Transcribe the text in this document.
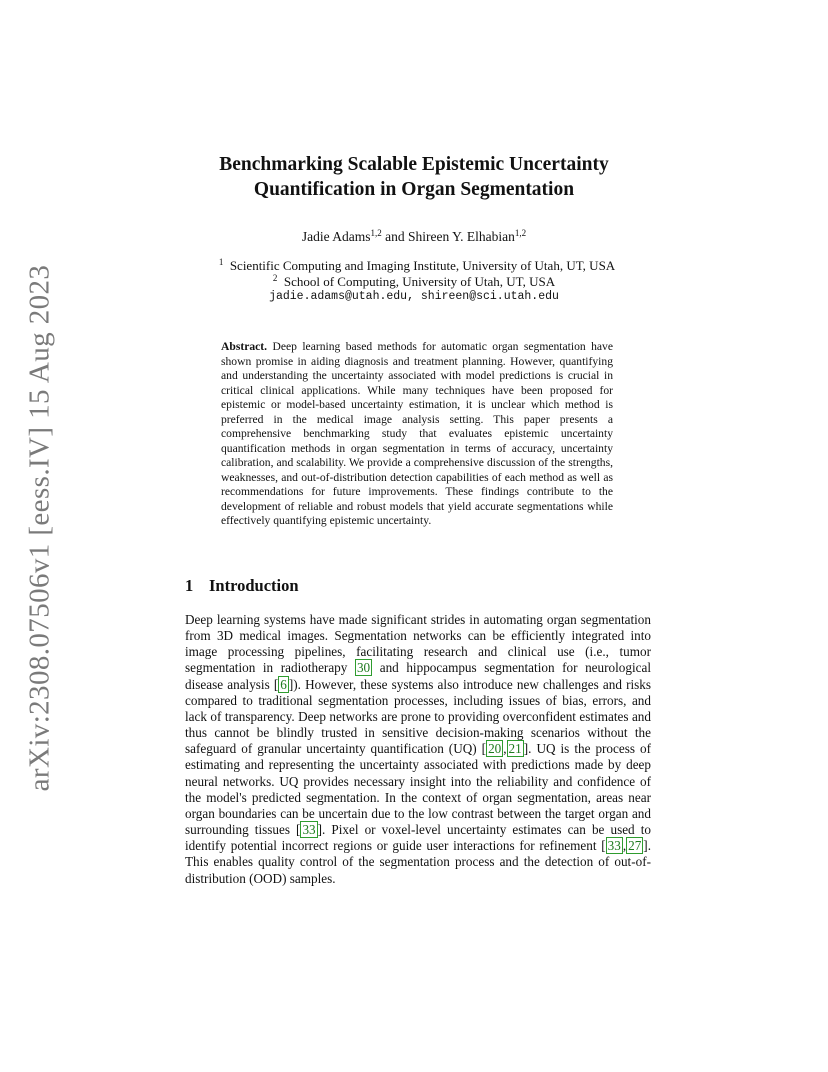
arXiv:2308.07506v1 [eess.IV] 15 Aug 2023
Benchmarking Scalable Epistemic Uncertainty
Quantification in Organ Segmentation
Jadie Adams$^{1,2}$ and Shireen Y. Elhabian$^{1,2}$
$^1$ Scientific Computing and Imaging Institute, University of Utah, UT, USA
$^2$ School of Computing, University of Utah, UT, USA
jadie.adams@utah.edu, shireen@sci.utah.edu
Abstract. Deep learning based methods for automatic organ segmentation have shown promise in aiding diagnosis and treatment planning. However, quantifying and understanding the uncertainty associated with model predictions is crucial in critical clinical applications. While many techniques have been proposed for epistemic or model-based uncertainty estimation, it is unclear which method is preferred in the medical image analysis setting. This paper presents a comprehensive benchmarking study that evaluates epistemic uncertainty quantification methods in organ segmentation in terms of accuracy, uncertainty calibration, and scalability. We provide a comprehensive discussion of the strengths, weaknesses, and out-of-distribution detection capabilities of each method as well as recommendations for future improvements. These findings contribute to the development of reliable and robust models that yield accurate segmentations while effectively quantifying epistemic uncertainty.
1 Introduction
Deep learning systems have made significant strides in automating organ segmentation from 3D medical images. Segmentation networks can be efficiently integrated into image processing pipelines, facilitating research and clinical use (i.e., tumor segmentation in radiotherapy 30 and hippocampus segmentation for neurological disease analysis [ 6 ]). However, these systems also introduce new challenges and risks compared to traditional segmentation processes, including issues of bias, errors, and lack of transparency. Deep networks are prone to providing overconfident estimates and thus cannot be blindly trusted in sensitive decision-making scenarios without the safeguard of granular uncertainty quantification (UQ) [ 20 , 21 ]. UQ is the process of estimating and representing the uncertainty associated with predictions made by deep neural networks. UQ provides necessary insight into the reliability and confidence of the model's predicted segmentation. In the context of organ segmentation, areas near organ boundaries can be uncertain due to the low contrast between the target organ and surrounding tissues [ 33 ]. Pixel or voxel-level uncertainty estimates can be used to identify potential incorrect regions or guide user interactions for refinement [ 33 , 27 ]. This enables quality control of the segmentation process and the detection of out-of-distribution (OOD) samples.
